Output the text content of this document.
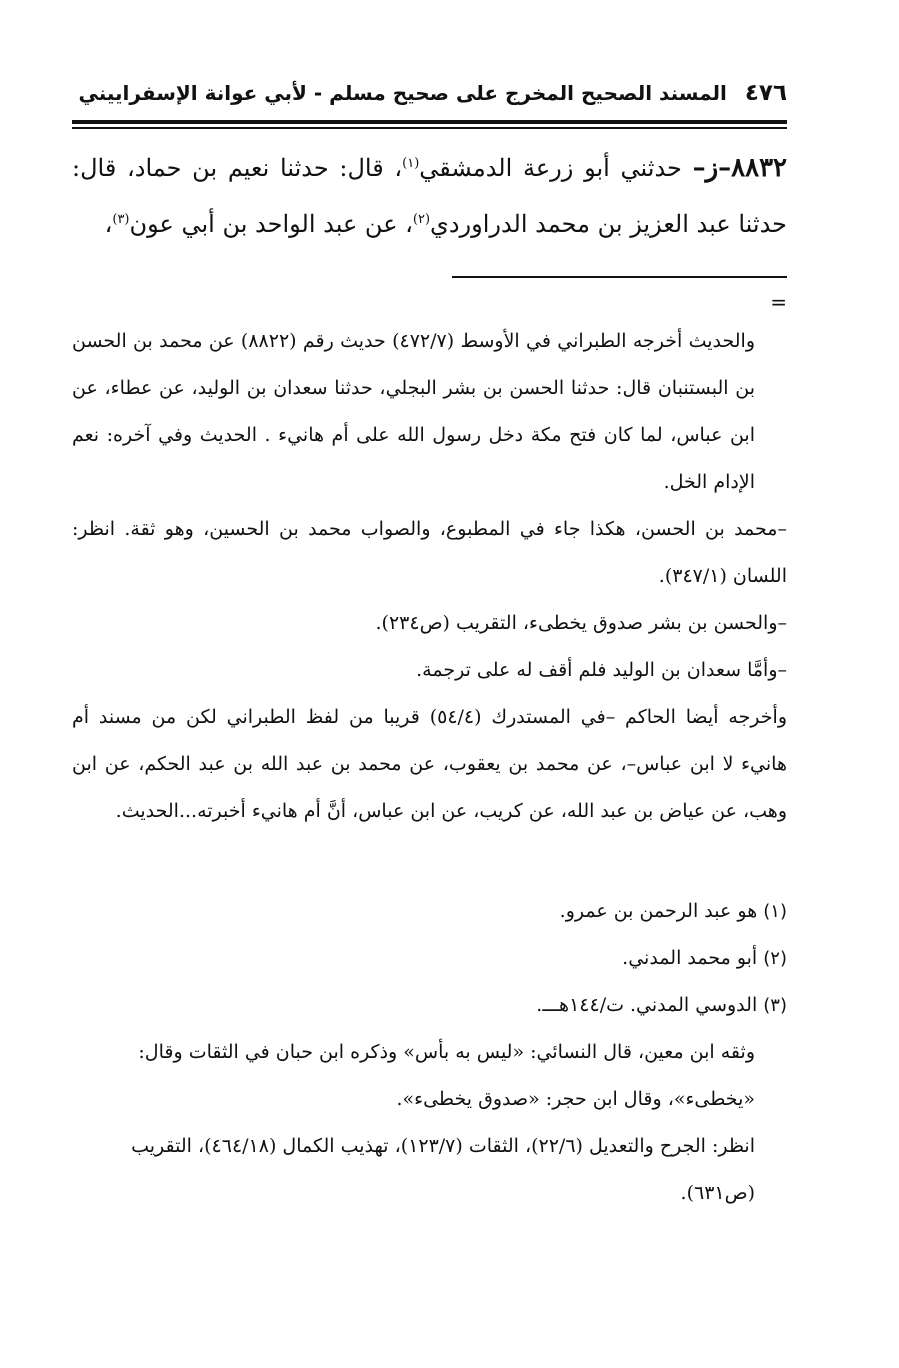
٤٧٦
المسند الصحيح المخرج على صحيح مسلم - لأبي عوانة الإسفراييني

٨٨٣٢–ز– حدثني أبو زرعة الدمشقي$^{(١)}$، قال: حدثنا نعيم بن حماد، قال: حدثنا عبد العزيز بن محمد الدراوردي$^{(٢)}$، عن عبد الواحد بن أبي عون$^{(٣)}$،

=

والحديث أخرجه الطبراني في الأوسط (٤٧٢/٧) حديث رقم (٨٨٢٢) عن محمد بن الحسن بن البستنبان قال: حدثنا الحسن بن بشر البجلي، حدثنا سعدان بن الوليد، عن عطاء، عن ابن عباس، لما كان فتح مكة دخل رسول الله على أم هانيء . الحديث وفي آخره: نعم الإدام الخل.

–محمد بن الحسن، هكذا جاء في المطبوع، والصواب محمد بن الحسين، وهو ثقة. انظر: اللسان (٣٤٧/١).

–والحسن بن بشر صدوق يخطىء، التقريب (ص٢٣٤).

–وأمَّا سعدان بن الوليد فلم أقف له على ترجمة.

وأخرجه أيضا الحاكم –في المستدرك (٥٤/٤) قريبا من لفظ الطبراني لكن من مسند أم هانيء لا ابن عباس–، عن محمد بن يعقوب، عن محمد بن عبد الله بن عبد الحكم، عن ابن وهب، عن عياض بن عبد الله، عن كريب، عن ابن عباس، أنَّ أم هانيء أخبرته...الحديث.

(١) هو عبد الرحمن بن عمرو.

(٢) أبو محمد المدني.

(٣) الدوسي المدني. ت/١٤٤هـــ.

وثقه ابن معين، قال النسائي: «ليس به بأس» وذكره ابن حبان في الثقات وقال: «يخطىء»، وقال ابن حجر: «صدوق يخطىء».

انظر: الجرح والتعديل (٢٢/٦)، الثقات (١٢٣/٧)، تهذيب الكمال (٤٦٤/١٨)، التقريب (ص٦٣١).
